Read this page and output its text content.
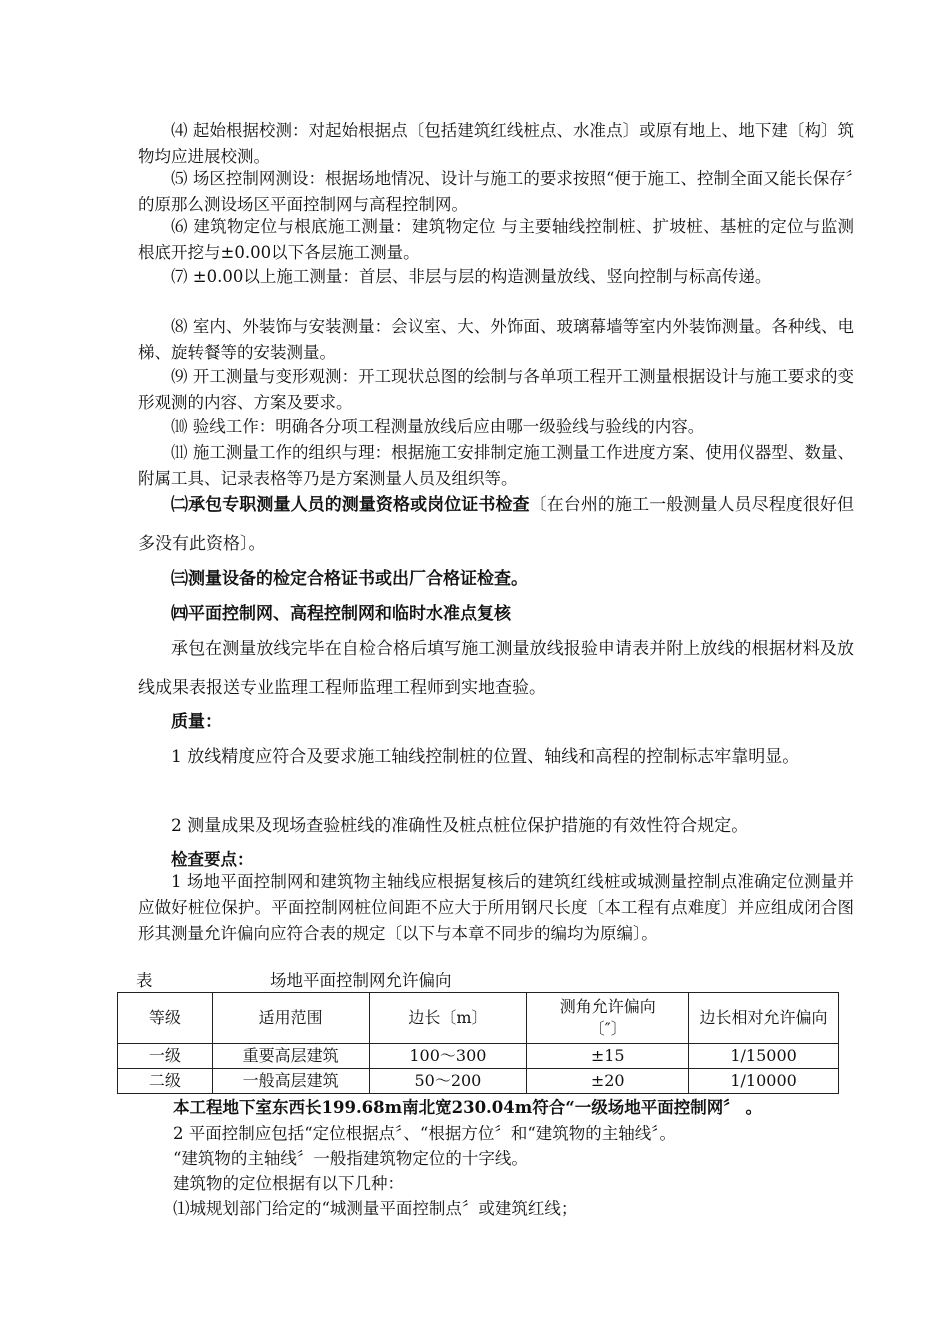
⑷ 起始根据校测：对起始根据点〔包括建筑红线桩点、水准点〕或原有地上、地下建〔构〕筑物均应进展校测。

⑸ 场区控制网测设：根据场地情况、设计与施工的要求按照“便于施工、控制全面又能长保存〞的原那么测设场区平面控制网与高程控制网。

⑹ 建筑物定位与根底施工测量：建筑物定位 与主要轴线控制桩、扩坡桩、基桩的定位与监测根底开挖与±0.00以下各层施工测量。

⑺ ±0.00以上施工测量：首层、非层与层的构造测量放线、竖向控制与标高传递。

⑻ 室内、外装饰与安装测量：会议室、大、外饰面、玻璃幕墙等室内外装饰测量。各种线、电梯、旋转餐等的安装测量。

⑼ 开工测量与变形观测：开工现状总图的绘制与各单项工程开工测量根据设计与施工要求的变形观测的内容、方案及要求。

⑽ 验线工作：明确各分项工程测量放线后应由哪一级验线与验线的内容。

⑾ 施工测量工作的组织与理：根据施工安排制定施工测量工作进度方案、使用仪器型、数量、附属工具、记录表格等乃是方案测量人员及组织等。

㈡承包专职测量人员的测量资格或岗位证书检查〔在台州的施工一般测量人员尽程度很好但多没有此资格〕。

㈢测量设备的检定合格证书或出厂合格证检查。

㈣平面控制网、高程控制网和临时水准点复核

承包在测量放线完毕在自检合格后填写施工测量放线报验申请表并附上放线的根据材料及放线成果表报送专业监理工程师监理工程师到实地查验。

质量：

1 放线精度应符合及要求施工轴线控制桩的位置、轴线和高程的控制标志牢靠明显。

2 测量成果及现场查验桩线的准确性及桩点桩位保护措施的有效性符合规定。

检查要点：

1 场地平面控制网和建筑物主轴线应根据复核后的建筑红线桩或城测量控制点准确定位测量并应做好桩位保护。平面控制网桩位间距不应大于所用钢尺长度〔本工程有点难度〕并应组成闭合图形其测量允许偏向应符合表的规定〔以下与本章不同步的编均为原编〕。

表	场地平面控制网允许偏向
等级	适用范围	边长〔m〕	测角允许偏向〔″〕	边长相对允许偏向
一级	重要高层建筑	100～300	±15	1/15000
二级	一般高层建筑	50～200	±20	1/10000
本工程地下室东西长199.68m南北宽230.04m符合“一级场地平面控制网〞 。
2 平面控制应包括“定位根据点〞、“根据方位〞和“建筑物的主轴线〞。
“建筑物的主轴线〞一般指建筑物定位的十字线。
建筑物的定位根据有以下几种：
⑴城规划部门给定的“城测量平面控制点〞或建筑红线；
